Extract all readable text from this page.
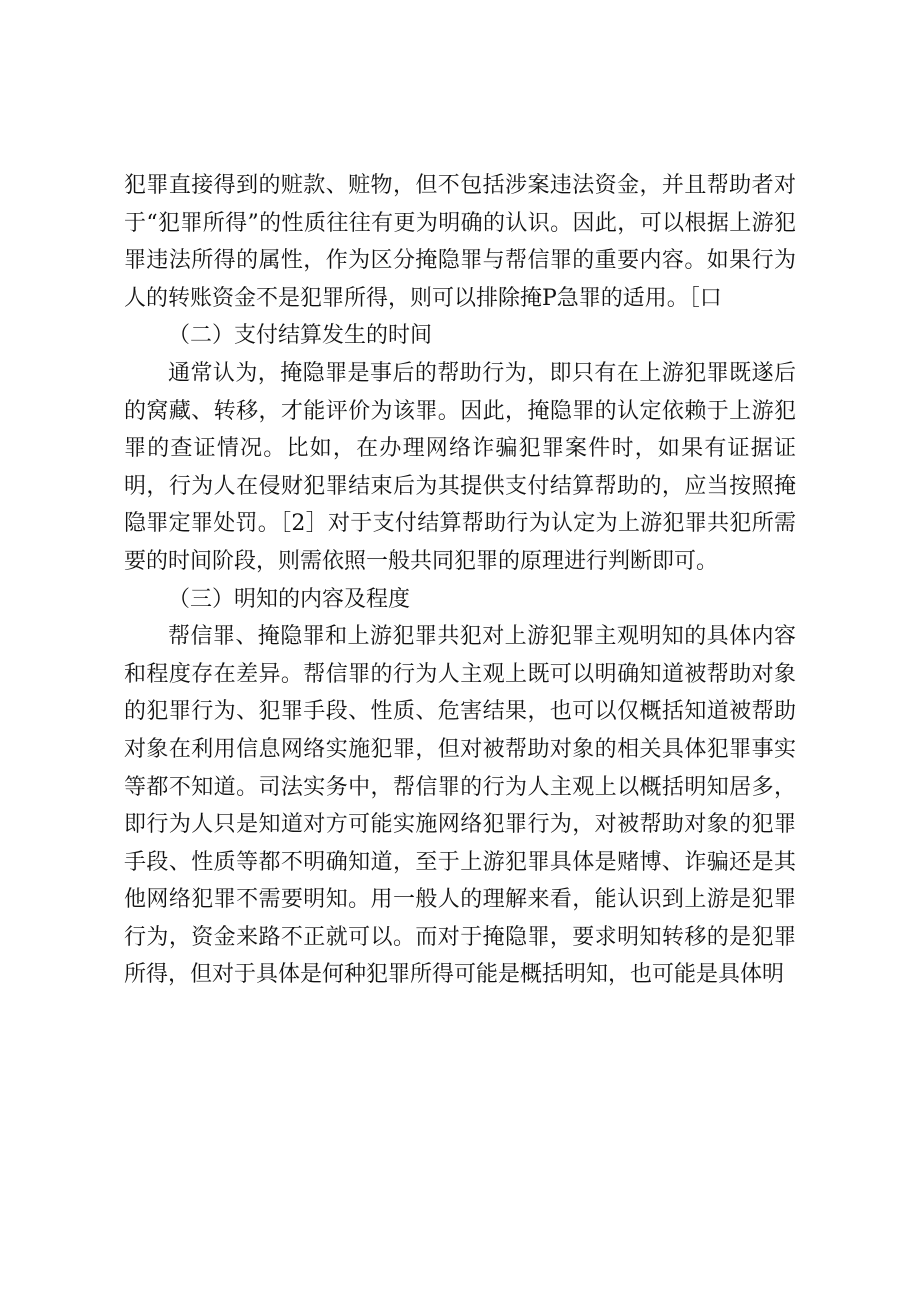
犯罪直接得到的赃款、赃物，但不包括涉案违法资金，并且帮助者对于“犯罪所得”的性质往往有更为明确的认识。因此，可以根据上游犯罪违法所得的属性，作为区分掩隐罪与帮信罪的重要内容。如果行为人的转账资金不是犯罪所得，则可以排除掩P急罪的适用。［口

（二）支付结算发生的时间

通常认为，掩隐罪是事后的帮助行为，即只有在上游犯罪既遂后的窝藏、转移，才能评价为该罪。因此，掩隐罪的认定依赖于上游犯罪的查证情况。比如，在办理网络诈骗犯罪案件时，如果有证据证明，行为人在侵财犯罪结束后为其提供支付结算帮助的，应当按照掩隐罪定罪处罚。［2］对于支付结算帮助行为认定为上游犯罪共犯所需要的时间阶段，则需依照一般共同犯罪的原理进行判断即可。

（三）明知的内容及程度

帮信罪、掩隐罪和上游犯罪共犯对上游犯罪主观明知的具体内容和程度存在差异。帮信罪的行为人主观上既可以明确知道被帮助对象的犯罪行为、犯罪手段、性质、危害结果，也可以仅概括知道被帮助对象在利用信息网络实施犯罪，但对被帮助对象的相关具体犯罪事实等都不知道。司法实务中，帮信罪的行为人主观上以概括明知居多，即行为人只是知道对方可能实施网络犯罪行为，对被帮助对象的犯罪手段、性质等都不明确知道，至于上游犯罪具体是赌博、诈骗还是其他网络犯罪不需要明知。用一般人的理解来看，能认识到上游是犯罪行为，资金来路不正就可以。而对于掩隐罪，要求明知转移的是犯罪所得，但对于具体是何种犯罪所得可能是概括明知，也可能是具体明
